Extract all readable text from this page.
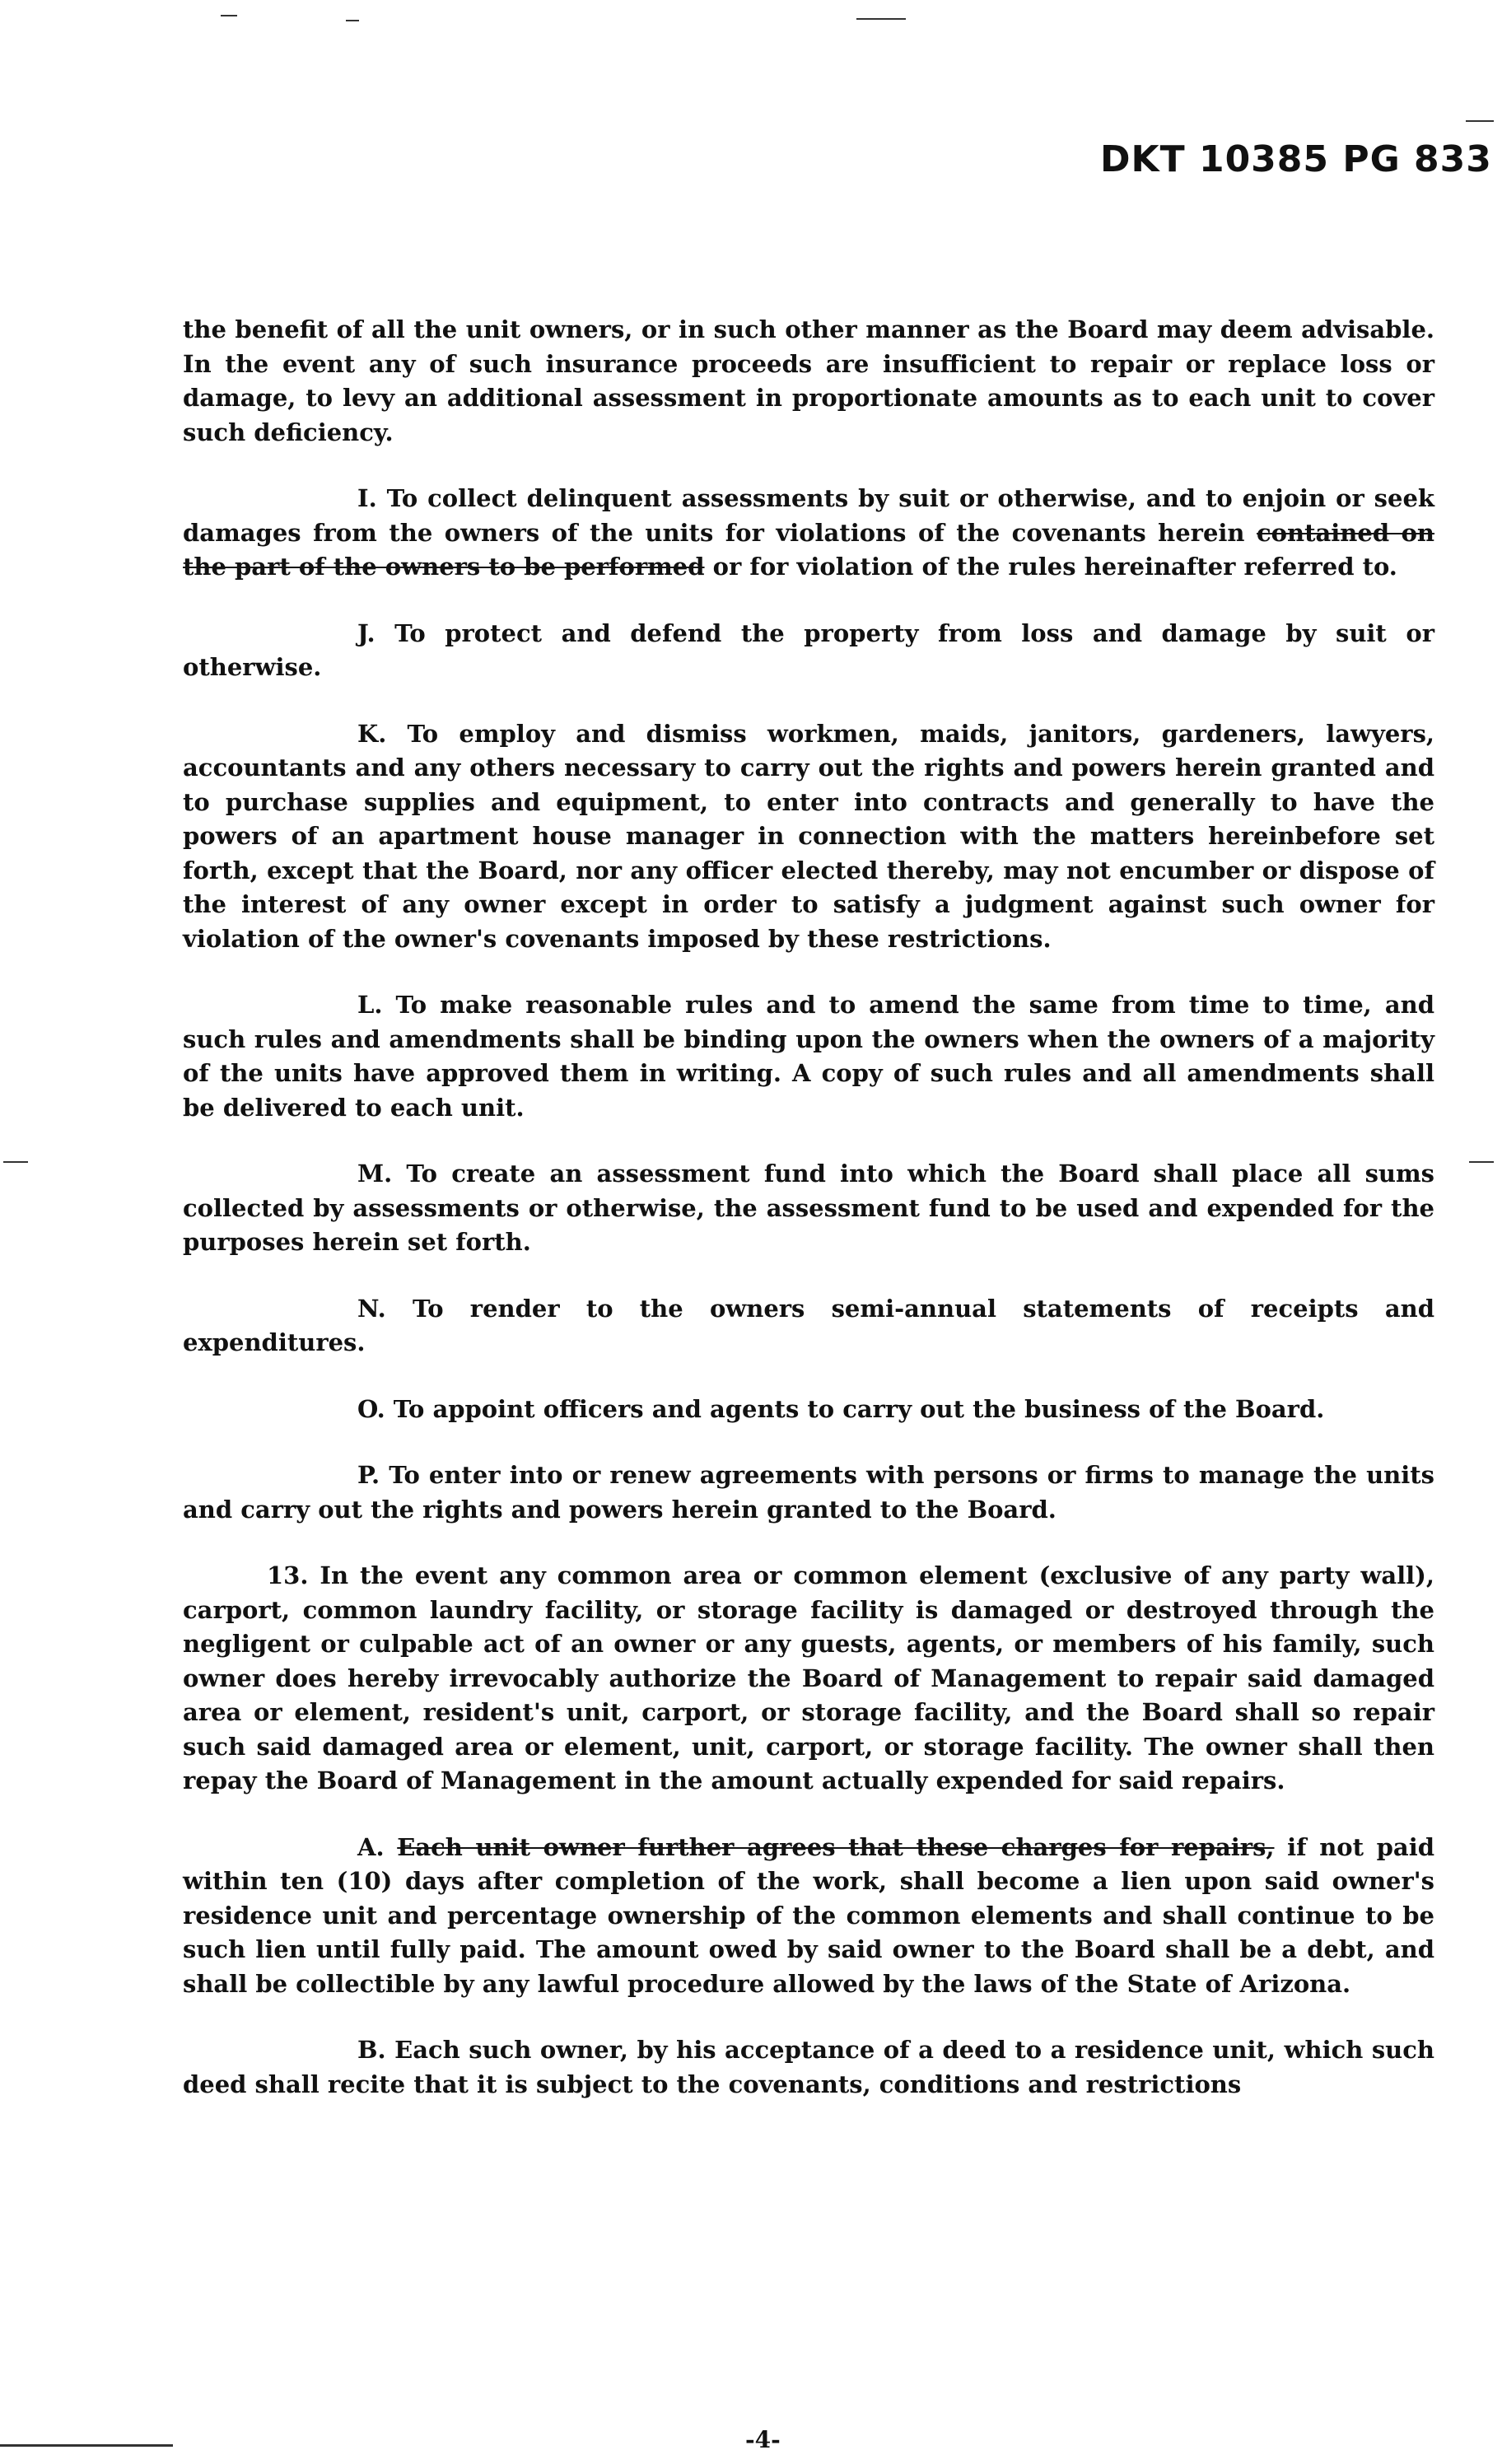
DKT 10385 PG 833

the benefit of all the unit owners, or in such other manner as the Board may deem advisable. In the event any of such insurance proceeds are insufficient to repair or replace loss or damage, to levy an additional assessment in proportionate amounts as to each unit to cover such deficiency.

I. To collect delinquent assessments by suit or otherwise, and to enjoin or seek damages from the owners of the units for violations of the covenants herein contained on the part of the owners to be performed or for violation of the rules hereinafter referred to.

J. To protect and defend the property from loss and damage by suit or otherwise.

K. To employ and dismiss workmen, maids, janitors, gardeners, lawyers, accountants and any others necessary to carry out the rights and powers herein granted and to purchase supplies and equipment, to enter into contracts and generally to have the powers of an apartment house manager in connection with the matters hereinbefore set forth, except that the Board, nor any officer elected thereby, may not encumber or dispose of the interest of any owner except in order to satisfy a judgment against such owner for violation of the owner's covenants imposed by these restrictions.

L. To make reasonable rules and to amend the same from time to time, and such rules and amendments shall be binding upon the owners when the owners of a majority of the units have approved them in writing. A copy of such rules and all amendments shall be delivered to each unit.

M. To create an assessment fund into which the Board shall place all sums collected by assessments or otherwise, the assessment fund to be used and expended for the purposes herein set forth.

N. To render to the owners semi-annual statements of receipts and expenditures.

O. To appoint officers and agents to carry out the business of the Board.

P. To enter into or renew agreements with persons or firms to manage the units and carry out the rights and powers herein granted to the Board.

13. In the event any common area or common element (exclusive of any party wall), carport, common laundry facility, or storage facility is damaged or destroyed through the negligent or culpable act of an owner or any guests, agents, or members of his family, such owner does hereby irrevocably authorize the Board of Management to repair said damaged area or element, resident's unit, carport, or storage facility, and the Board shall so repair such said damaged area or element, unit, carport, or storage facility. The owner shall then repay the Board of Management in the amount actually expended for said repairs.

A. Each unit owner further agrees that these charges for repairs, if not paid within ten (10) days after completion of the work, shall become a lien upon said owner's residence unit and percentage ownership of the common elements and shall continue to be such lien until fully paid. The amount owed by said owner to the Board shall be a debt, and shall be collectible by any lawful procedure allowed by the laws of the State of Arizona.

B. Each such owner, by his acceptance of a deed to a residence unit, which such deed shall recite that it is subject to the covenants, conditions and restrictions

-4-
